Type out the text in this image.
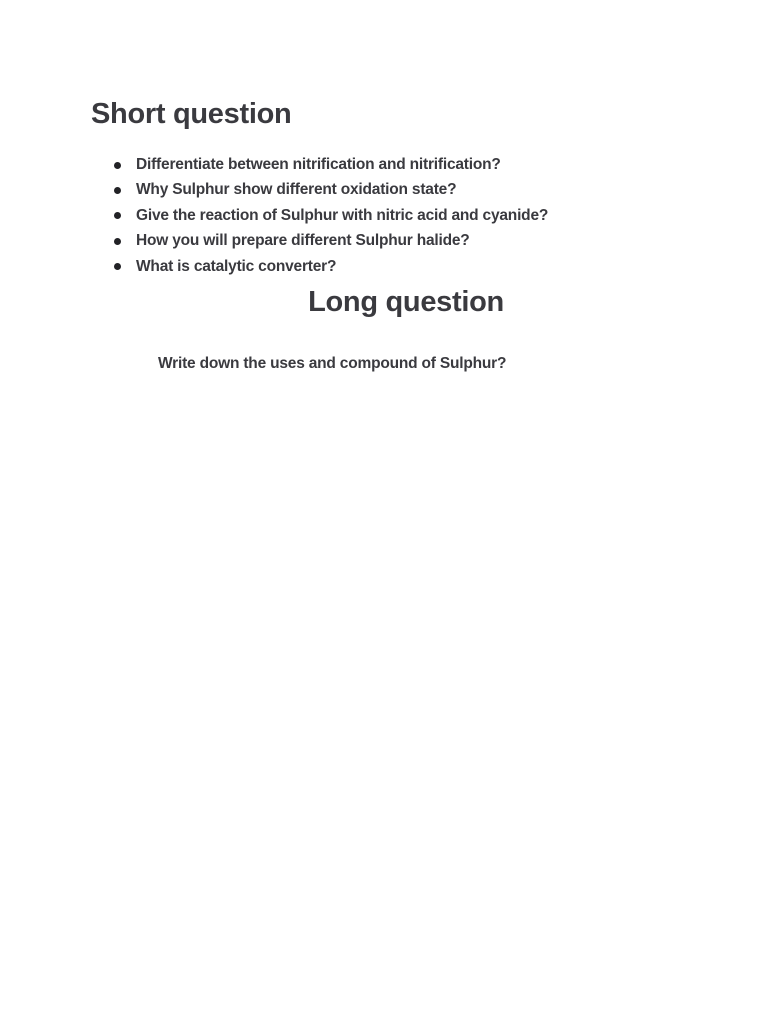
Short question
Differentiate between nitrification and nitrification?
Why Sulphur show different oxidation state?
Give the reaction of Sulphur with nitric acid and cyanide?
How you will prepare different Sulphur halide?
What is catalytic converter?
Long question

Write down the uses and compound of Sulphur?
